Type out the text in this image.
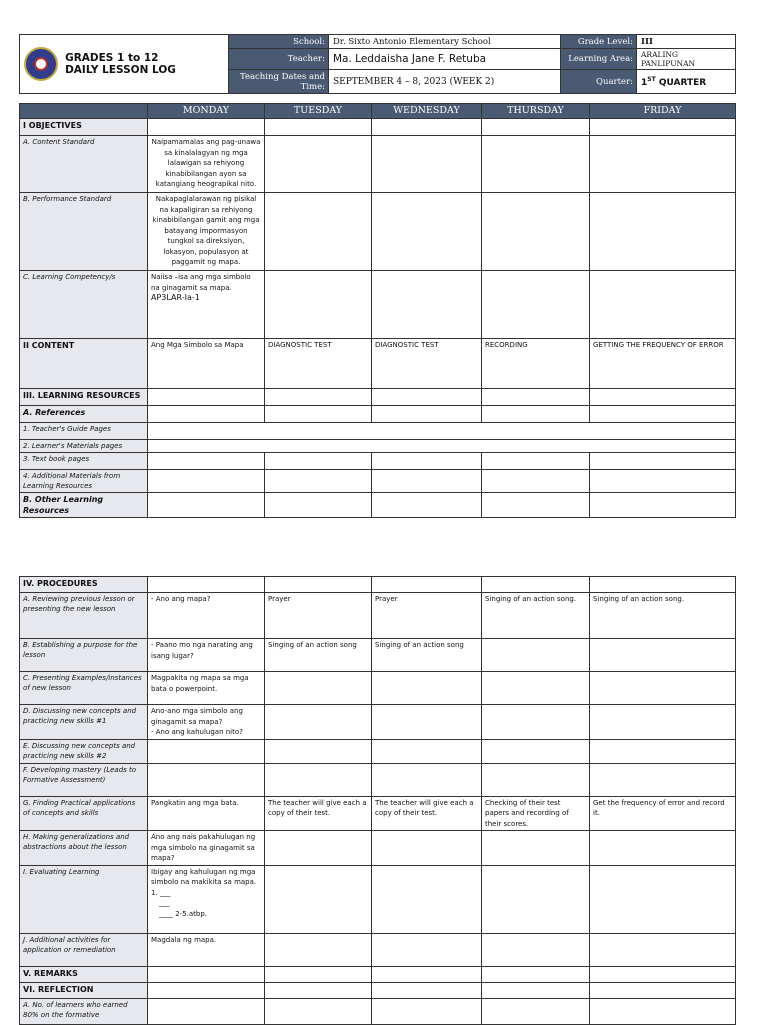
GRADES 1 to 12
DAILY LESSON LOG	School:	Dr. Sixto Antonio Elementary School	Grade Level:	III
	Teacher:	Ma. Leddaisha Jane F. Retuba	Learning Area:	ARALING PANLIPUNAN
	Teaching Dates and Time:	SEPTEMBER 4 – 8, 2023 (WEEK 2)	Quarter:	1ST QUARTER
	MONDAY	TUESDAY	WEDNESDAY	THURSDAY	FRIDAY
I OBJECTIVES					
A. Content Standard	Naipamamalas ang pag-unawa sa kinalalagyan ng mga lalawigan sa rehiyong kinabibilangan ayon sa katangiang heograpikal nito.				
B. Performance Standard	Nakapaglalarawan ng pisikal na kapaligiran sa rehiyong kinabibilangan gamit ang mga batayang impormasyon tungkol sa direksiyon, lokasyon, populasyon at paggamit ng mapa.				
C. Learning Competency/s	Naiisa –isa ang mga simbolo na ginagamit sa mapa.
AP3LAR-Ia-1				
II CONTENT	Ang Mga Simbolo sa Mapa	DIAGNOSTIC TEST	DIAGNOSTIC TEST	RECORDING	GETTING THE FREQUENCY OF ERROR
III. LEARNING RESOURCES					
A. References					
1. Teacher's Guide Pages					
2. Learner's Materials pages					
3. Text book pages					
4. Additional Materials from Learning Resources					
B. Other Learning Resources					
IV. PROCEDURES					
A. Reviewing previous lesson or presenting the new lesson	- Ano ang mapa?	Prayer	Prayer	Singing of an action song.	Singing of an action song.
B. Establishing a purpose for the lesson	- Paano mo nga narating ang isang lugar?	Singing of an action song	Singing of an action song		
C. Presenting Examples/instances of new lesson	Magpakita ng mapa sa mga bata o powerpoint.				
D. Discussing new concepts and practicing new skills #1	Ano-ano mga simbolo ang ginagamit sa mapa?
- Ano ang kahulugan nito?				
E. Discussing new concepts and practicing new skills #2					
F. Developing mastery (Leads to Formative Assessment)					
G. Finding Practical applications of concepts and skills	Pangkatin ang mga bata.	The teacher will give each a copy of their test.	The teacher will give each a copy of their test.	Checking of their test papers and recording of their scores.	Get the frequency of error and record it.
H. Making generalizations and abstractions about the lesson	Ano ang nais pakahulugan ng mga simbolo na ginagamit sa mapa?				
I. Evaluating Learning	Ibigay ang kahulugan ng mga simbolo na makikita sa mapa.
1. ___
___
____ 2-5.atbp.				
J. Additional activities for application or remediation	Magdala ng mapa.				
V. REMARKS					
VI. REFLECTION					
A. No. of learners who earned 80% on the formative					
